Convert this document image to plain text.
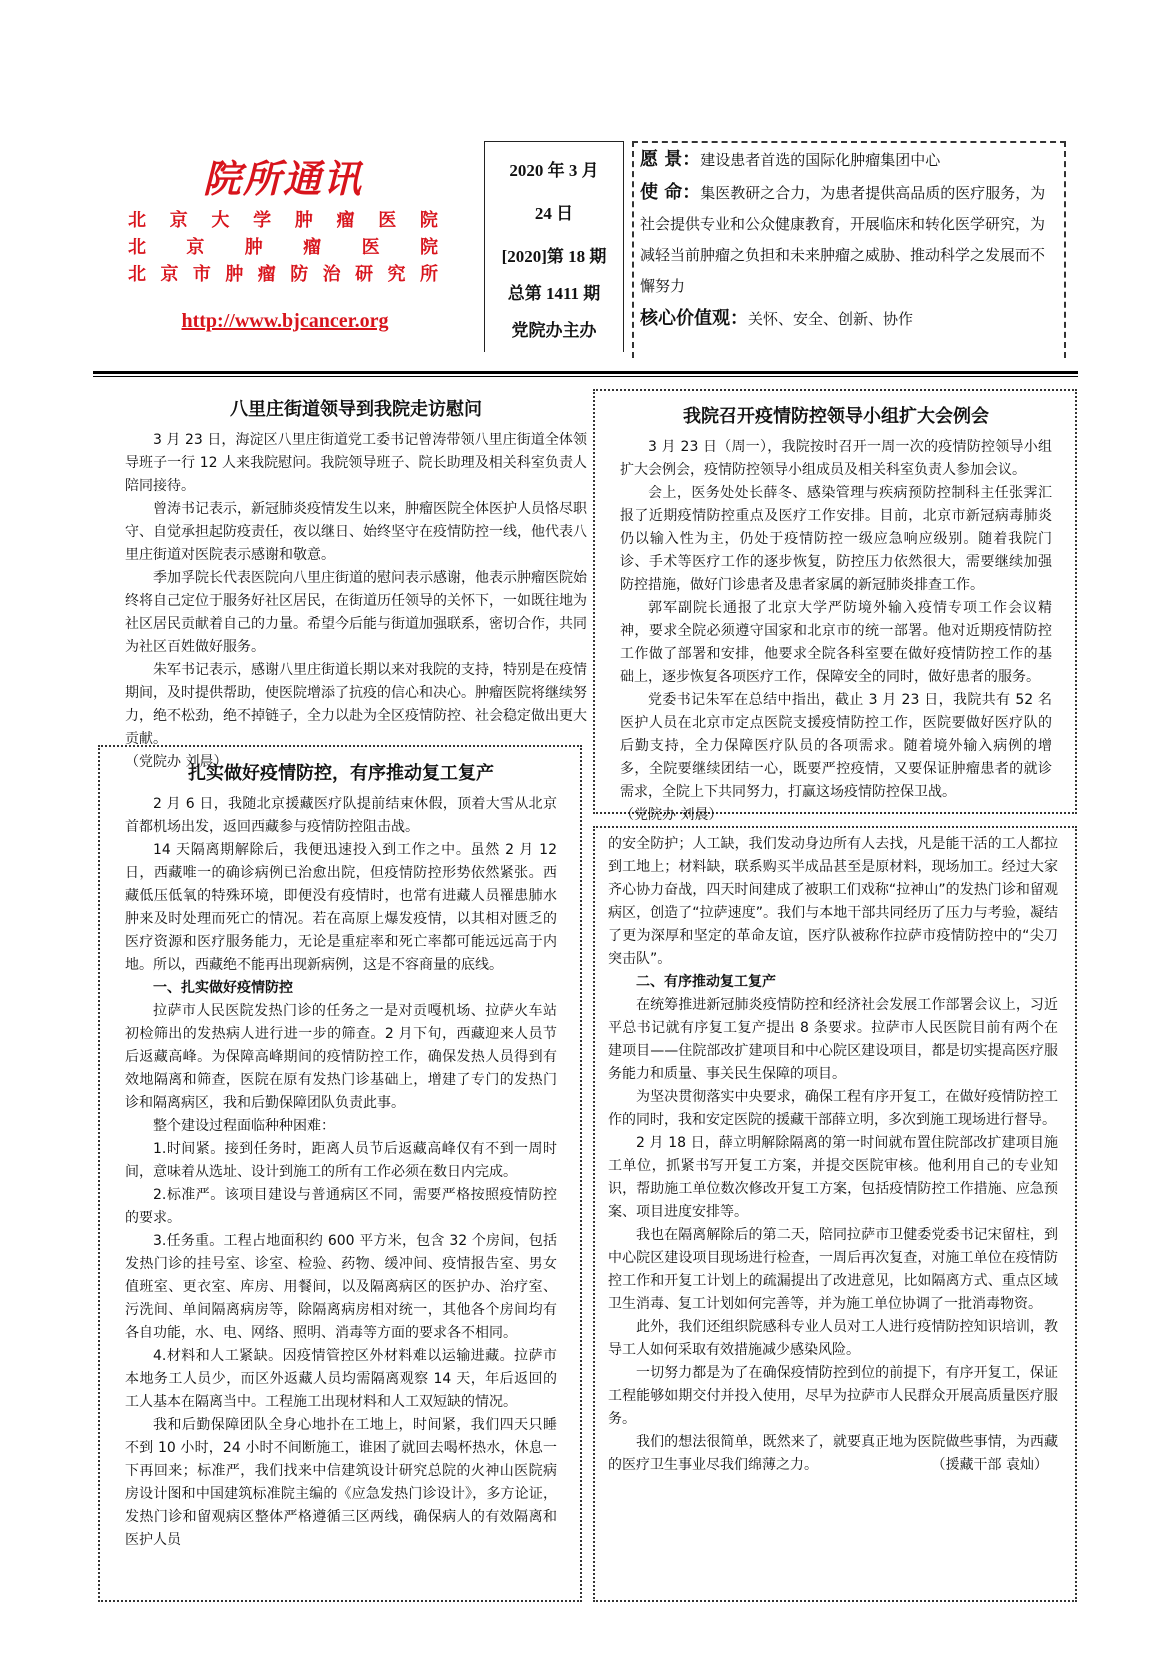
院所通讯
北 京 大 学 肿 瘤 医 院
北 京 肿 瘤 医 院
北 京 市 肿 瘤 防 治 研 究 所
http://www.bjcancer.org
2020 年 3 月
24 日
[2020]第 18 期
总第 1411 期
党院办主办
愿 景：建设患者首选的国际化肿瘤集团中心
使 命：集医教研之合力，为患者提供高品质的医疗服务，为社会提供专业和公众健康教育，开展临床和转化医学研究，为减轻当前肿瘤之负担和未来肿瘤之威胁、推动科学之发展而不懈努力
核心价值观：关怀、安全、创新、协作
八里庄街道领导到我院走访慰问

3 月 23 日，海淀区八里庄街道党工委书记曾涛带领八里庄街道全体领导班子一行 12 人来我院慰问。我院领导班子、院长助理及相关科室负责人陪同接待。

曾涛书记表示，新冠肺炎疫情发生以来，肿瘤医院全体医护人员恪尽职守、自觉承担起防疫责任，夜以继日、始终坚守在疫情防控一线，他代表八里庄街道对医院表示感谢和敬意。

季加孚院长代表医院向八里庄街道的慰问表示感谢，他表示肿瘤医院始终将自己定位于服务好社区居民，在街道历任领导的关怀下，一如既往地为社区居民贡献着自己的力量。希望今后能与街道加强联系，密切合作，共同为社区百姓做好服务。

朱军书记表示，感谢八里庄街道长期以来对我院的支持，特别是在疫情期间，及时提供帮助，使医院增添了抗疫的信心和决心。肿瘤医院将继续努力，绝不松劲，绝不掉链子，全力以赴为全区疫情防控、社会稳定做出更大贡献。

（党院办 刘晨）

我院召开疫情防控领导小组扩大会例会

3 月 23 日（周一），我院按时召开一周一次的疫情防控领导小组扩大会例会，疫情防控领导小组成员及相关科室负责人参加会议。

会上，医务处处长薛冬、感染管理与疾病预防控制科主任张霁汇报了近期疫情防控重点及医疗工作安排。目前，北京市新冠病毒肺炎仍以输入性为主，仍处于疫情防控一级应急响应级别。随着我院门诊、手术等医疗工作的逐步恢复，防控压力依然很大，需要继续加强防控措施，做好门诊患者及患者家属的新冠肺炎排查工作。

郭军副院长通报了北京大学严防境外输入疫情专项工作会议精神，要求全院必须遵守国家和北京市的统一部署。他对近期疫情防控工作做了部署和安排，他要求全院各科室要在做好疫情防控工作的基础上，逐步恢复各项医疗工作，保障安全的同时，做好患者的服务。

党委书记朱军在总结中指出，截止 3 月 23 日，我院共有 52 名医护人员在北京市定点医院支援疫情防控工作，医院要做好医疗队的后勤支持，全力保障医疗队员的各项需求。随着境外输入病例的增多，全院要继续团结一心，既要严控疫情，又要保证肿瘤患者的就诊需求，全院上下共同努力，打赢这场疫情防控保卫战。

（党院办 刘晨）

扎实做好疫情防控，有序推动复工复产

2 月 6 日，我随北京援藏医疗队提前结束休假，顶着大雪从北京首都机场出发，返回西藏参与疫情防控阻击战。

14 天隔离期解除后，我便迅速投入到工作之中。虽然 2 月 12 日，西藏唯一的确诊病例已治愈出院，但疫情防控形势依然紧张。西藏低压低氧的特殊环境，即便没有疫情时，也常有进藏人员罹患肺水肿来及时处理而死亡的情况。若在高原上爆发疫情，以其相对匮乏的医疗资源和医疗服务能力，无论是重症率和死亡率都可能远远高于内地。所以，西藏绝不能再出现新病例，这是不容商量的底线。

一、扎实做好疫情防控

拉萨市人民医院发热门诊的任务之一是对贡嘎机场、拉萨火车站初检筛出的发热病人进行进一步的筛查。2 月下旬，西藏迎来人员节后返藏高峰。为保障高峰期间的疫情防控工作，确保发热人员得到有效地隔离和筛查，医院在原有发热门诊基础上，增建了专门的发热门诊和隔离病区，我和后勤保障团队负责此事。

整个建设过程面临种种困难：

1.时间紧。接到任务时，距离人员节后返藏高峰仅有不到一周时间，意味着从选址、设计到施工的所有工作必须在数日内完成。

2.标准严。该项目建设与普通病区不同，需要严格按照疫情防控的要求。

3.任务重。工程占地面积约 600 平方米，包含 32 个房间，包括发热门诊的挂号室、诊室、检验、药物、缓冲间、疫情报告室、男女值班室、更衣室、库房、用餐间，以及隔离病区的医护办、治疗室、污洗间、单间隔离病房等，除隔离病房相对统一，其他各个房间均有各自功能，水、电、网络、照明、消毒等方面的要求各不相同。

4.材料和人工紧缺。因疫情管控区外材料难以运输进藏。拉萨市本地务工人员少，而区外返藏人员均需隔离观察 14 天，年后返回的工人基本在隔离当中。工程施工出现材料和人工双短缺的情况。

我和后勤保障团队全身心地扑在工地上，时间紧，我们四天只睡不到 10 小时，24 小时不间断施工，谁困了就回去喝杯热水，休息一下再回来；标准严，我们找来中信建筑设计研究总院的火神山医院病房设计图和中国建筑标准院主编的《应急发热门诊设计》，多方论证，发热门诊和留观病区整体严格遵循三区两线，确保病人的有效隔离和医护人员

的安全防护；人工缺，我们发动身边所有人去找，凡是能干活的工人都拉到工地上；材料缺，联系购买半成品甚至是原材料，现场加工。经过大家齐心协力奋战，四天时间建成了被职工们戏称“拉神山”的发热门诊和留观病区，创造了“拉萨速度”。我们与本地干部共同经历了压力与考验，凝结了更为深厚和坚定的革命友谊，医疗队被称作拉萨市疫情防控中的“尖刀突击队”。

二、有序推动复工复产

在统筹推进新冠肺炎疫情防控和经济社会发展工作部署会议上，习近平总书记就有序复工复产提出 8 条要求。拉萨市人民医院目前有两个在建项目——住院部改扩建项目和中心院区建设项目，都是切实提高医疗服务能力和质量、事关民生保障的项目。

为坚决贯彻落实中央要求，确保工程有序开复工，在做好疫情防控工作的同时，我和安定医院的援藏干部薛立明，多次到施工现场进行督导。

2 月 18 日，薛立明解除隔离的第一时间就布置住院部改扩建项目施工单位，抓紧书写开复工方案，并提交医院审核。他利用自己的专业知识，帮助施工单位数次修改开复工方案，包括疫情防控工作措施、应急预案、项目进度安排等。

我也在隔离解除后的第二天，陪同拉萨市卫健委党委书记宋留柱，到中心院区建设项目现场进行检查，一周后再次复查，对施工单位在疫情防控工作和开复工计划上的疏漏提出了改进意见，比如隔离方式、重点区域卫生消毒、复工计划如何完善等，并为施工单位协调了一批消毒物资。

此外，我们还组织院感科专业人员对工人进行疫情防控知识培训，教导工人如何采取有效措施减少感染风险。

一切努力都是为了在确保疫情防控到位的前提下，有序开复工，保证工程能够如期交付并投入使用，尽早为拉萨市人民群众开展高质量医疗服务。

我们的想法很简单，既然来了，就要真正地为医院做些事情，为西藏的医疗卫生事业尽我们绵薄之力。	（援藏干部 袁灿）
